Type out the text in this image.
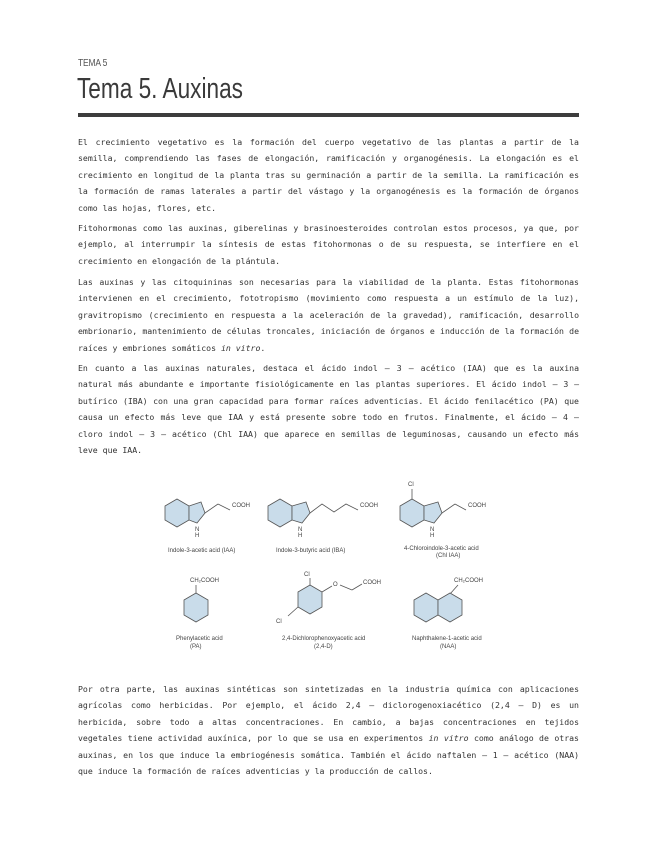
TEMA 5
Tema 5. Auxinas

El crecimiento vegetativo es la formación del cuerpo vegetativo de las plantas a partir de la semilla, comprendiendo las fases de elongación, ramificación y organogénesis. La elongación es el crecimiento en longitud de la planta tras su germinación a partir de la semilla. La ramificación es la formación de ramas laterales a partir del vástago y la organogénesis es la formación de órganos como las hojas, flores, etc.

Fitohormonas como las auxinas, giberelinas y brasinoesteroides controlan estos procesos, ya que, por ejemplo, al interrumpir la síntesis de estas fitohormonas o de su respuesta, se interfiere en el crecimiento en elongación de la plántula.

Las auxinas y las citoquininas son necesarias para la viabilidad de la planta. Estas fitohormonas intervienen en el crecimiento, fototropismo (movimiento como respuesta a un estímulo de la luz), gravitropismo (crecimiento en respuesta a la aceleración de la gravedad), ramificación, desarrollo embrionario, mantenimiento de células troncales, iniciación de órganos e inducción de la formación de raíces y embriones somáticos in vitro.

En cuanto a las auxinas naturales, destaca el ácido indol – 3 – acético (IAA) que es la auxina natural más abundante e importante fisiológicamente en las plantas superiores. El ácido indol – 3 – butírico (IBA) con una gran capacidad para formar raíces adventicias. El ácido fenilacético (PA) que causa un efecto más leve que IAA y está presente sobre todo en frutos. Finalmente, el ácido – 4 – cloro indol – 3 – acético (Chl IAA) que aparece en semillas de leguminosas, causando un efecto más leve que IAA.

COOH
N
H
Indole-3-acetic acid (IAA)
COOH
N
H
Indole-3-butyric acid (IBA)
Cl
COOH
N
H
4-Chloroindole-3-acetic acid
(Chl IAA)
CH₂COOH
Phenylacetic acid
(PA)
Cl
O	COOH
Cl
2,4-Dichlorophenoxyacetic acid
(2,4-D)
CH₂COOH
Naphthalene-1-acetic acid
(NAA)

Por otra parte, las auxinas sintéticas son sintetizadas en la industria química con aplicaciones agrícolas como herbicidas. Por ejemplo, el ácido 2,4 – diclorogenoxiacético (2,4 – D) es un herbicida, sobre todo a altas concentraciones. En cambio, a bajas concentraciones en tejidos vegetales tiene actividad auxínica, por lo que se usa en experimentos in vitro como análogo de otras auxinas, en los que induce la embriogénesis somática. También el ácido naftalen – 1 – acético (NAA) que induce la formación de raíces adventicias y la producción de callos.
